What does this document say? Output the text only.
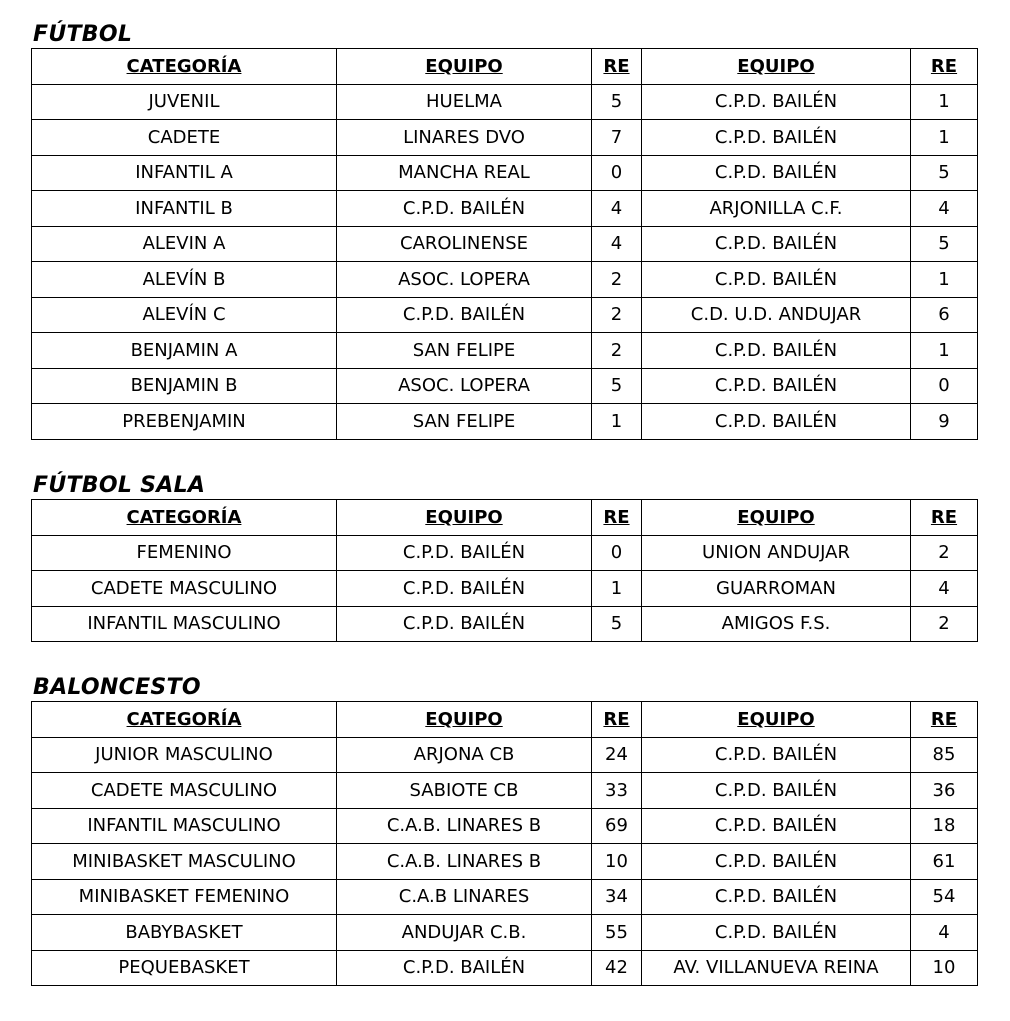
FÚTBOL
CATEGORÍA	EQUIPO	RE	EQUIPO	RE
JUVENIL	HUELMA	5	C.P.D. BAILÉN	1
CADETE	LINARES DVO	7	C.P.D. BAILÉN	1
INFANTIL A	MANCHA REAL	0	C.P.D. BAILÉN	5
INFANTIL B	C.P.D. BAILÉN	4	ARJONILLA C.F.	4
ALEVIN A	CAROLINENSE	4	C.P.D. BAILÉN	5
ALEVÍN B	ASOC. LOPERA	2	C.P.D. BAILÉN	1
ALEVÍN C	C.P.D. BAILÉN	2	C.D. U.D. ANDUJAR	6
BENJAMIN A	SAN FELIPE	2	C.P.D. BAILÉN	1
BENJAMIN B	ASOC. LOPERA	5	C.P.D. BAILÉN	0
PREBENJAMIN	SAN FELIPE	1	C.P.D. BAILÉN	9
FÚTBOL SALA
CATEGORÍA	EQUIPO	RE	EQUIPO	RE
FEMENINO	C.P.D. BAILÉN	0	UNION ANDUJAR	2
CADETE MASCULINO	C.P.D. BAILÉN	1	GUARROMAN	4
INFANTIL MASCULINO	C.P.D. BAILÉN	5	AMIGOS F.S.	2
BALONCESTO
CATEGORÍA	EQUIPO	RE	EQUIPO	RE
JUNIOR MASCULINO	ARJONA CB	24	C.P.D. BAILÉN	85
CADETE MASCULINO	SABIOTE CB	33	C.P.D. BAILÉN	36
INFANTIL MASCULINO	C.A.B. LINARES B	69	C.P.D. BAILÉN	18
MINIBASKET MASCULINO	C.A.B. LINARES B	10	C.P.D. BAILÉN	61
MINIBASKET FEMENINO	C.A.B LINARES	34	C.P.D. BAILÉN	54
BABYBASKET	ANDUJAR C.B.	55	C.P.D. BAILÉN	4
PEQUEBASKET	C.P.D. BAILÉN	42	AV. VILLANUEVA REINA	10
